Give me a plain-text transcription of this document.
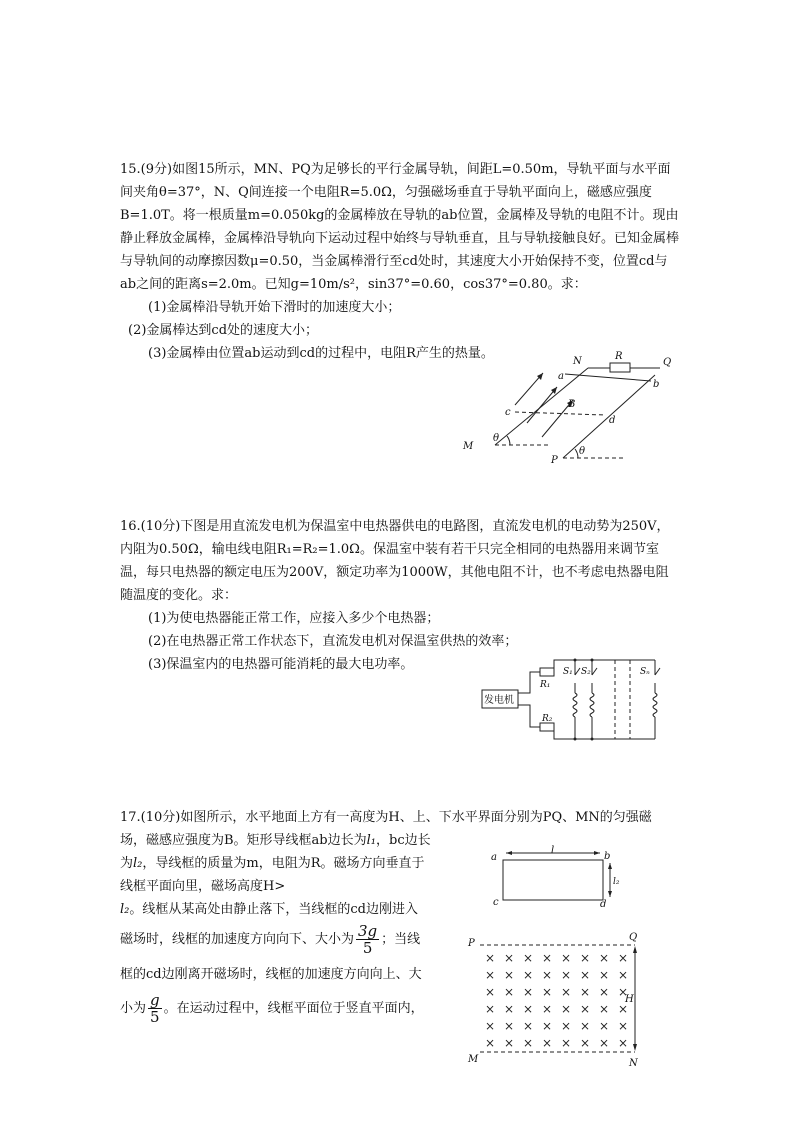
15.(9分)如图15所示，MN、PQ为足够长的平行金属导轨，间距L=0.50m，导轨平面与水平面间夹角θ=37°，N、Q间连接一个电阻R=5.0Ω，匀强磁场垂直于导轨平面向上，磁感应强度B=1.0T。将一根质量m=0.050kg的金属棒放在导轨的ab位置，金属棒及导轨的电阻不计。现由静止释放金属棒，金属棒沿导轨向下运动过程中始终与导轨垂直，且与导轨接触良好。已知金属棒与导轨间的动摩擦因数μ=0.50，当金属棒滑行至cd处时，其速度大小开始保持不变，位置cd与ab之间的距离s=2.0m。已知g=10m/s²，sin37°=0.60，cos37°=0.80。求：

(1)金属棒沿导轨开始下滑时的加速度大小；

(2)金属棒达到cd处的速度大小；

(3)金属棒由位置ab运动到cd的过程中，电阻R产生的热量。

N	R
Q
a
b
B
c
d
M
P
θ
θ

16.(10分)下图是用直流发电机为保温室中电热器供电的电路图，直流发电机的电动势为250V，内阻为0.50Ω，输电线电阻R₁=R₂=1.0Ω。保温室中装有若干只完全相同的电热器用来调节室温，每只电热器的额定电压为200V，额定功率为1000W，其他电阻不计，也不考虑电热器电阻随温度的变化。求：

(1)为使电热器能正常工作，应接入多少个电热器；

(2)在电热器正常工作状态下，直流发电机对保温室供热的效率；

(3)保温室内的电热器可能消耗的最大电功率。

发电机
R₁
R₂
S₁ S₂	Sₙ

17.(10分)如图所示，水平地面上方有一高度为H、上、下水平界面分别为PQ、MN的匀强磁

场，磁感应强度为B。矩形导线框ab边长为l₁，bc边长

为l₂，导线框的质量为m，电阻为R。磁场方向垂直于

线框平面向里，磁场高度H>

l₂。线框从某高处由静止落下，当线框的cd边刚进入

磁场时，线框的加速度方向向下、大小为 $\frac{3g}{5}$ ；当线

框的cd边刚离开磁场时，线框的加速度方向向上、大

小为 $\frac{g}{5}$ 。在运动过程中，线框平面位于竖直平面内，

a
l
b
l₂
c	d
× × × × × × × ×
× × × × × × × ×
× × × × × × × ×
× × × × × × × ×
× × × × × × × ×
× × × × × × × ×
P
Q
H
M	N
